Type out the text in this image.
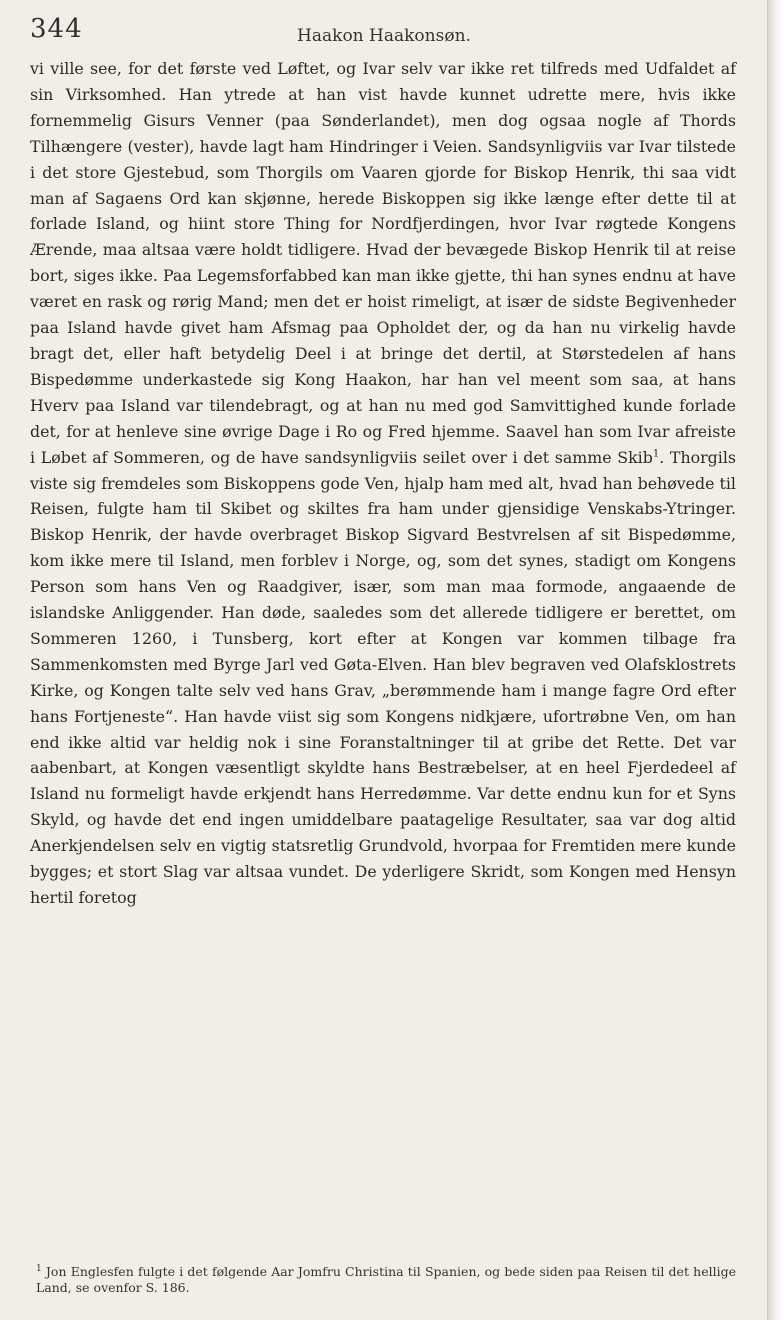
344	Haakon Haakonsøn.

vi ville see, for det første ved Løftet, og Ivar selv var ikke ret tilfreds med Udfaldet af sin Virksomhed. Han ytrede at han vist havde kunnet udrette mere, hvis ikke fornemmelig Gisurs Venner (paa Sønderlandet), men dog ogsaa nogle af Thords Tilhængere (vester), havde lagt ham Hindringer i Veien. Sandsynligviis var Ivar tilstede i det store Gjestebud, som Thorgils om Vaaren gjorde for Biskop Henrik, thi saa vidt man af Sagaens Ord kan skjønne, herede Biskoppen sig ikke længe efter dette til at forlade Island, og hiint store Thing for Nordfjerdingen, hvor Ivar røgtede Kongens Ærende, maa altsaa være holdt tidligere. Hvad der bevægede Biskop Henrik til at reise bort, siges ikke. Paa Legemsforfabbed kan man ikke gjette, thi han synes endnu at have været en rask og rørig Mand; men det er hoist rimeligt, at især de sidste Begivenheder paa Island havde givet ham Afsmag paa Opholdet der, og da han nu virkelig havde bragt det, eller haft betydelig Deel i at bringe det dertil, at Størstedelen af hans Bispedømme underkastede sig Kong Haakon, har han vel meent som saa, at hans Hverv paa Island var tilendebragt, og at han nu med god Samvittighed kunde forlade det, for at henleve sine øvrige Dage i Ro og Fred hjemme. Saavel han som Ivar afreiste i Løbet af Sommeren, og de have sandsynligviis seilet over i det samme Skib$^1$. Thorgils viste sig fremdeles som Biskoppens gode Ven, hjalp ham med alt, hvad han behøvede til Reisen, fulgte ham til Skibet og skiltes fra ham under gjensidige Venskabs-Ytringer. Biskop Henrik, der havde overbraget Biskop Sigvard Bestvrelsen af sit Bispedømme, kom ikke mere til Island, men forblev i Norge, og, som det synes, stadigt om Kongens Person som hans Ven og Raadgiver, især, som man maa formode, angaaende de islandske Anliggender. Han døde, saaledes som det allerede tidligere er berettet, om Sommeren 1260, i Tunsberg, kort efter at Kongen var kommen tilbage fra Sammenkomsten med Byrge Jarl ved Gøta-Elven. Han blev begraven ved Olafsklostrets Kirke, og Kongen talte selv ved hans Grav, „berømmende ham i mange fagre Ord efter hans Fortjeneste“. Han havde viist sig som Kongens nidkjære, ufortrøbne Ven, om han end ikke altid var heldig nok i sine Foranstaltninger til at gribe det Rette. Det var aabenbart, at Kongen væsentligt skyldte hans Bestræbelser, at en heel Fjerdedeel af Island nu formeligt havde erkjendt hans Herredømme. Var dette endnu kun for et Syns Skyld, og havde det end ingen umiddelbare paatagelige Resultater, saa var dog altid Anerkjendelsen selv en vigtig statsretlig Grundvold, hvorpaa for Fremtiden mere kunde bygges; et stort Slag var altsaa vundet. De yderligere Skridt, som Kongen med Hensyn hertil foretog

$^1$ Jon Englesfen fulgte i det følgende Aar Jomfru Christina til Spanien, og bede siden paa Reisen til det hellige Land, se ovenfor S. 186.
